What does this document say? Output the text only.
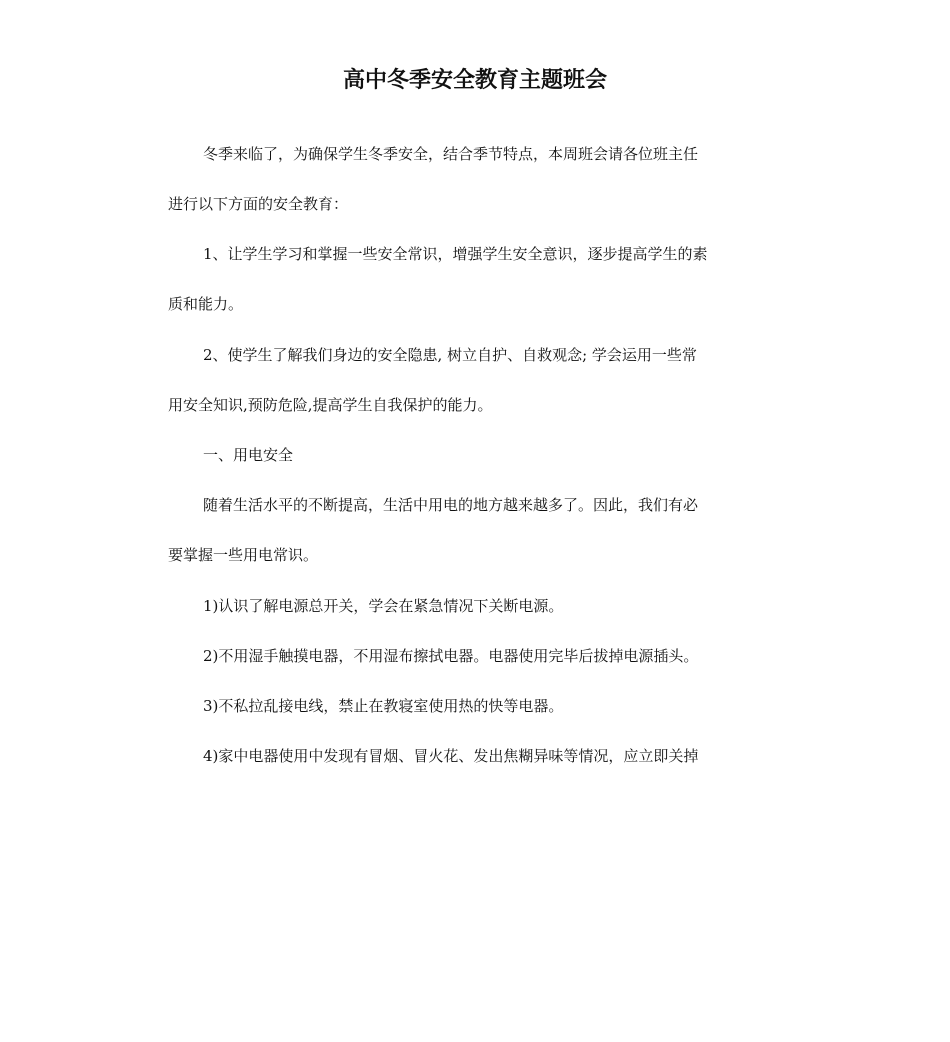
高中冬季安全教育主题班会
冬季来临了，为确保学生冬季安全，结合季节特点，本周班会请各位班主任
进行以下方面的安全教育：
1、让学生学习和掌握一些安全常识，增强学生安全意识，逐步提高学生的素
质和能力。
2、使学生了解我们身边的安全隐患, 树立自护、自救观念; 学会运用一些常
用安全知识,预防危险,提高学生自我保护的能力。
一、用电安全
随着生活水平的不断提高，生活中用电的地方越来越多了。因此，我们有必
要掌握一些用电常识。
1)认识了解电源总开关，学会在紧急情况下关断电源。
2)不用湿手触摸电器，不用湿布擦拭电器。电器使用完毕后拔掉电源插头。
3)不私拉乱接电线，禁止在教寝室使用热的快等电器。
4)家中电器使用中发现有冒烟、冒火花、发出焦糊异味等情况，应立即关掉
